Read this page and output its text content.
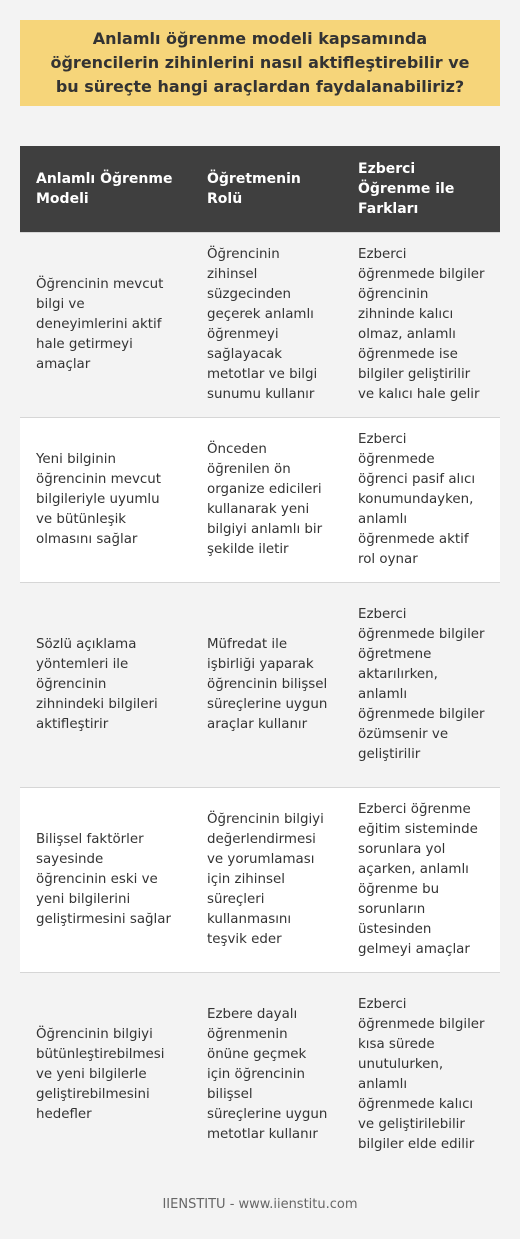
Anlamlı öğrenme modeli kapsamında öğrencilerin zihinlerini nasıl aktifleştirebilir ve bu süreçte hangi araçlardan faydalanabiliriz?
Anlamlı Öğrenme Modeli	Öğretmenin Rolü	Ezberci Öğrenme ile Farkları
Öğrencinin mevcut bilgi ve deneyimlerini aktif hale getirmeyi amaçlar	Öğrencinin zihinsel süzgecinden geçerek anlamlı öğrenmeyi sağlayacak metotlar ve bilgi sunumu kullanır	Ezberci öğrenmede bilgiler öğrencinin zihninde kalıcı olmaz, anlamlı öğrenmede ise bilgiler geliştirilir ve kalıcı hale gelir
Yeni bilginin öğrencinin mevcut bilgileriyle uyumlu ve bütünleşik olmasını sağlar	Önceden öğrenilen ön organize edicileri kullanarak yeni bilgiyi anlamlı bir şekilde iletir	Ezberci öğrenmede öğrenci pasif alıcı konumundayken, anlamlı öğrenmede aktif rol oynar
Sözlü açıklama yöntemleri ile öğrencinin zihnindeki bilgileri aktifleştirir	Müfredat ile işbirliği yaparak öğrencinin bilişsel süreçlerine uygun araçlar kullanır	Ezberci öğrenmede bilgiler öğretmene aktarılırken, anlamlı öğrenmede bilgiler özümsenir ve geliştirilir
Bilişsel faktörler sayesinde öğrencinin eski ve yeni bilgilerini geliştirmesini sağlar	Öğrencinin bilgiyi değerlendirmesi ve yorumlaması için zihinsel süreçleri kullanmasını teşvik eder	Ezberci öğrenme eğitim sisteminde sorunlara yol açarken, anlamlı öğrenme bu sorunların üstesinden gelmeyi amaçlar
Öğrencinin bilgiyi bütünleştirebilmesi ve yeni bilgilerle geliştirebilmesini hedefler	Ezbere dayalı öğrenmenin önüne geçmek için öğrencinin bilişsel süreçlerine uygun metotlar kullanır	Ezberci öğrenmede bilgiler kısa sürede unutulurken, anlamlı öğrenmede kalıcı ve geliştirilebilir bilgiler elde edilir
IIENSTITU - www.iienstitu.com
